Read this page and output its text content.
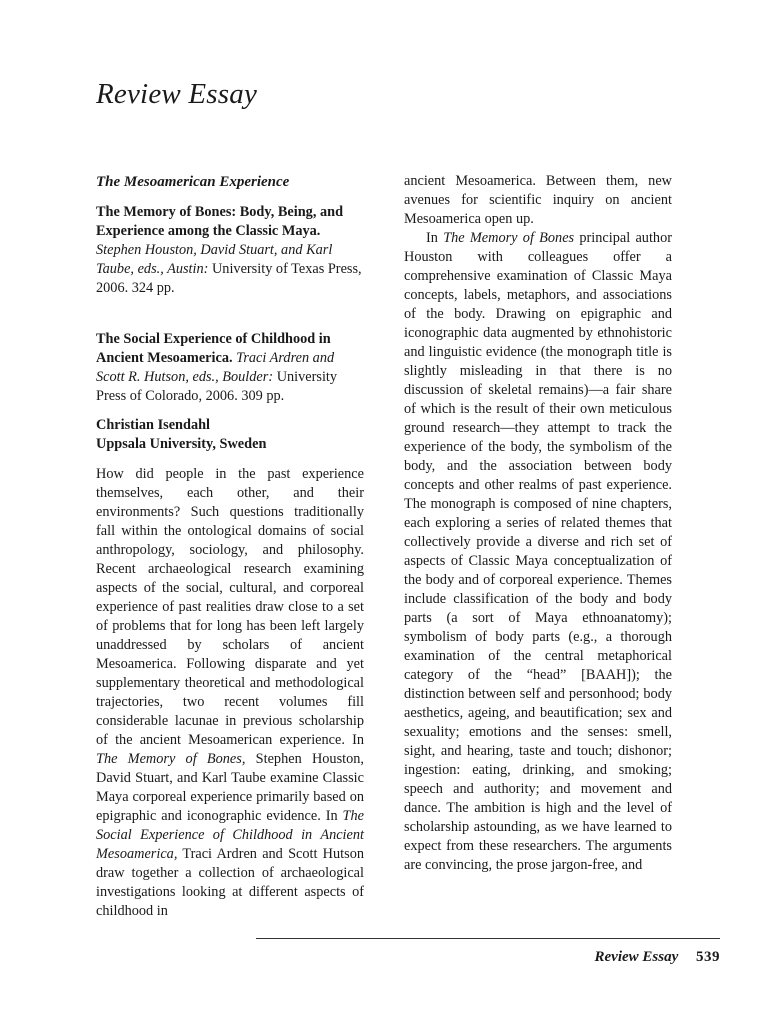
Review Essay
The Mesoamerican Experience
The Memory of Bones: Body, Being, and Experience among the Classic Maya. Stephen Houston, David Stuart, and Karl Taube, eds., Austin: University of Texas Press, 2006. 324 pp.
The Social Experience of Childhood in Ancient Mesoamerica. Traci Ardren and Scott R. Hutson, eds., Boulder: University Press of Colorado, 2006. 309 pp.
Christian Isendahl
Uppsala University, Sweden

How did people in the past experience themselves, each other, and their environments? Such questions traditionally fall within the ontological domains of social anthropology, sociology, and philosophy. Recent archaeological research examining aspects of the social, cultural, and corporeal experience of past realities draw close to a set of problems that for long has been left largely unaddressed by scholars of ancient Mesoamerica. Following disparate and yet supplementary theoretical and methodological trajectories, two recent volumes fill considerable lacunae in previous scholarship of the ancient Mesoamerican experience. In The Memory of Bones, Stephen Houston, David Stuart, and Karl Taube examine Classic Maya corporeal experience primarily based on epigraphic and iconographic evidence. In The Social Experience of Childhood in Ancient Mesoamerica, Traci Ardren and Scott Hutson draw together a collection of archaeological investigations looking at different aspects of childhood in

ancient Mesoamerica. Between them, new avenues for scientific inquiry on ancient Mesoamerica open up.

In The Memory of Bones principal author Houston with colleagues offer a comprehensive examination of Classic Maya concepts, labels, metaphors, and associations of the body. Drawing on epigraphic and iconographic data augmented by ethnohistoric and linguistic evidence (the monograph title is slightly misleading in that there is no discussion of skeletal remains)—a fair share of which is the result of their own meticulous ground research—they attempt to track the experience of the body, the symbolism of the body, and the association between body concepts and other realms of past experience. The monograph is composed of nine chapters, each exploring a series of related themes that collectively provide a diverse and rich set of aspects of Classic Maya conceptualization of the body and of corporeal experience. Themes include classification of the body and body parts (a sort of Maya ethnoanatomy); symbolism of body parts (e.g., a thorough examination of the central metaphorical category of the “head” [BAAH]); the distinction between self and personhood; body aesthetics, ageing, and beautification; sex and sexuality; emotions and the senses: smell, sight, and hearing, taste and touch; dishonor; ingestion: eating, drinking, and smoking; speech and authority; and movement and dance. The ambition is high and the level of scholarship astounding, as we have learned to expect from these researchers. The arguments are convincing, the prose jargon-free, and

Review Essay 539
